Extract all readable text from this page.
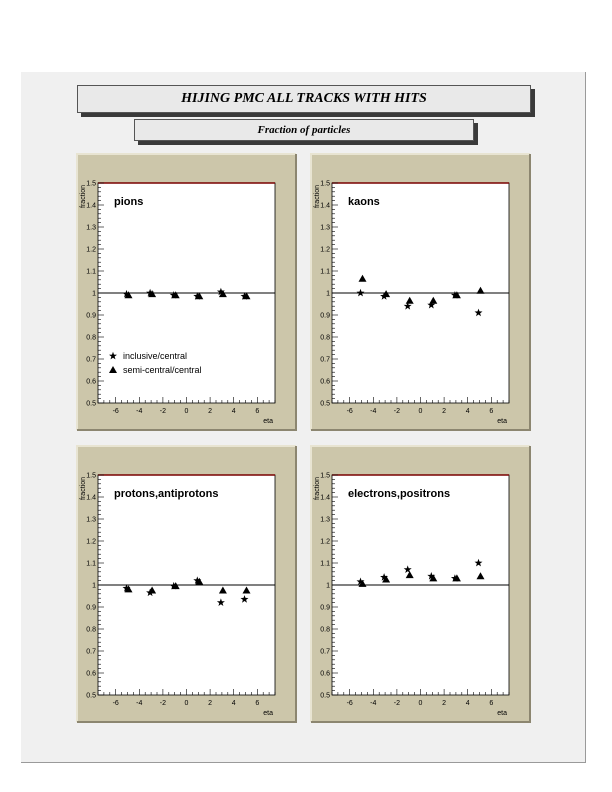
HIJING PMC ALL TRACKS WITH HITS
Fraction of particles
0.5
0.6
0.7
0.8
0.9
1
1.1
1.2
1.3
1.4
1.5
-6 -4 -2	0	2	4	6
eta
fraction pions
inclusive/central
semi-central/central
0.5
0.6
0.7
0.8
0.9
1
1.1
1.2
1.3
1.4
1.5
-6 -4 -2	0	2	4	6
eta
fraction kaons
0.5
0.6
0.7
0.8
0.9
1
1.1
1.2
1.3
1.4
1.5
-6 -4 -2	0	2	4	6
eta
fraction protons,antiprotons
0.5
0.6
0.7
0.8
0.9
1
1.1
1.2
1.3
1.4
1.5
-6 -4 -2	0	2	4	6
eta
fraction electrons,positrons
